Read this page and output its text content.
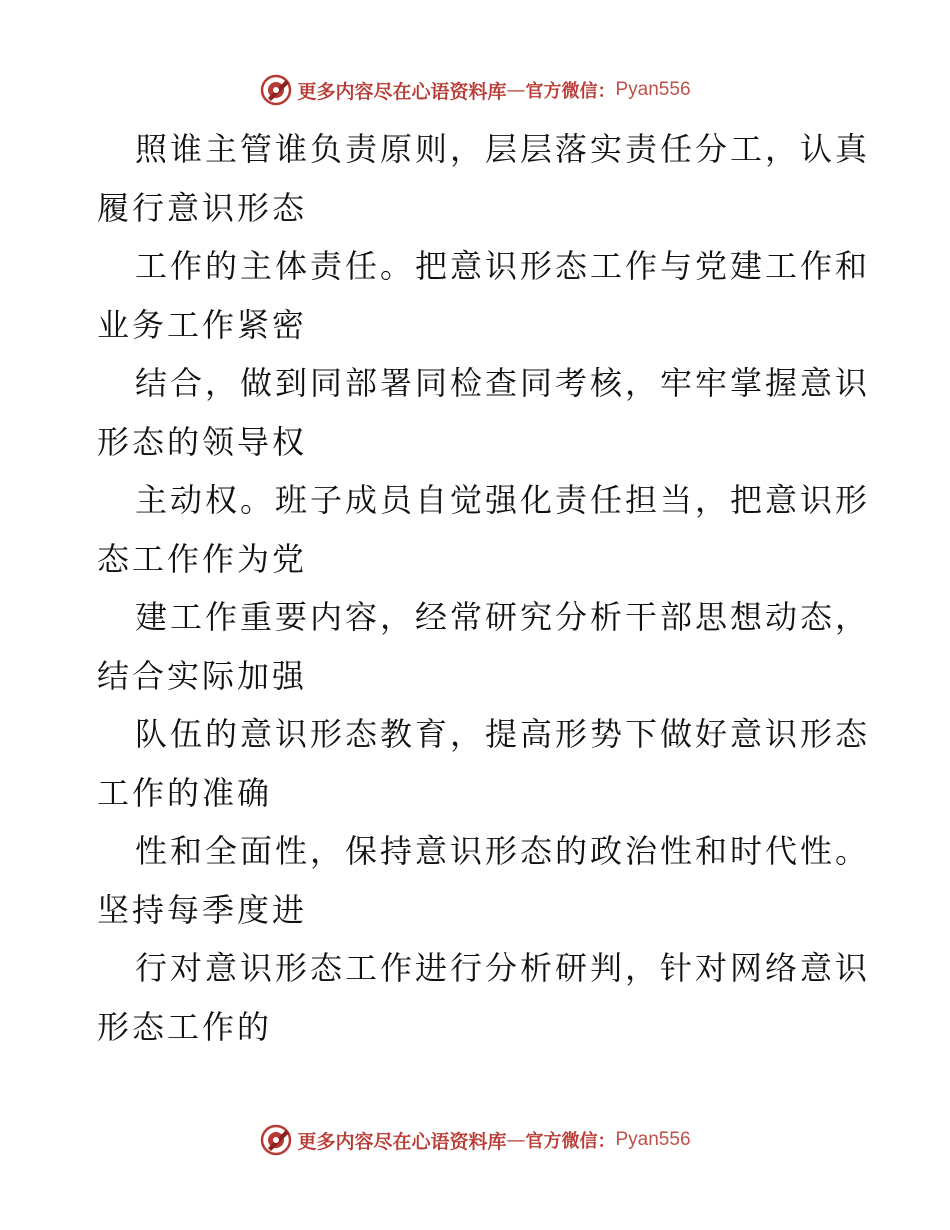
更多内容尽在心语资料库 — 官方微信： Pyan556

照谁主管谁负责原则，层层落实责任分工，认真
履行意识形态

工作的主体责任。把意识形态工作与党建工作和
业务工作紧密

结合，做到同部署同检查同考核，牢牢掌握意识
形态的领导权

主动权。班子成员自觉强化责任担当，把意识形
态工作作为党

建工作重要内容，经常研究分析干部思想动态，
结合实际加强

队伍的意识形态教育，提高形势下做好意识形态
工作的准确

性和全面性，保持意识形态的政治性和时代性。
坚持每季度进

行对意识形态工作进行分析研判，针对网络意识
形态工作的

更多内容尽在心语资料库 — 官方微信： Pyan556
